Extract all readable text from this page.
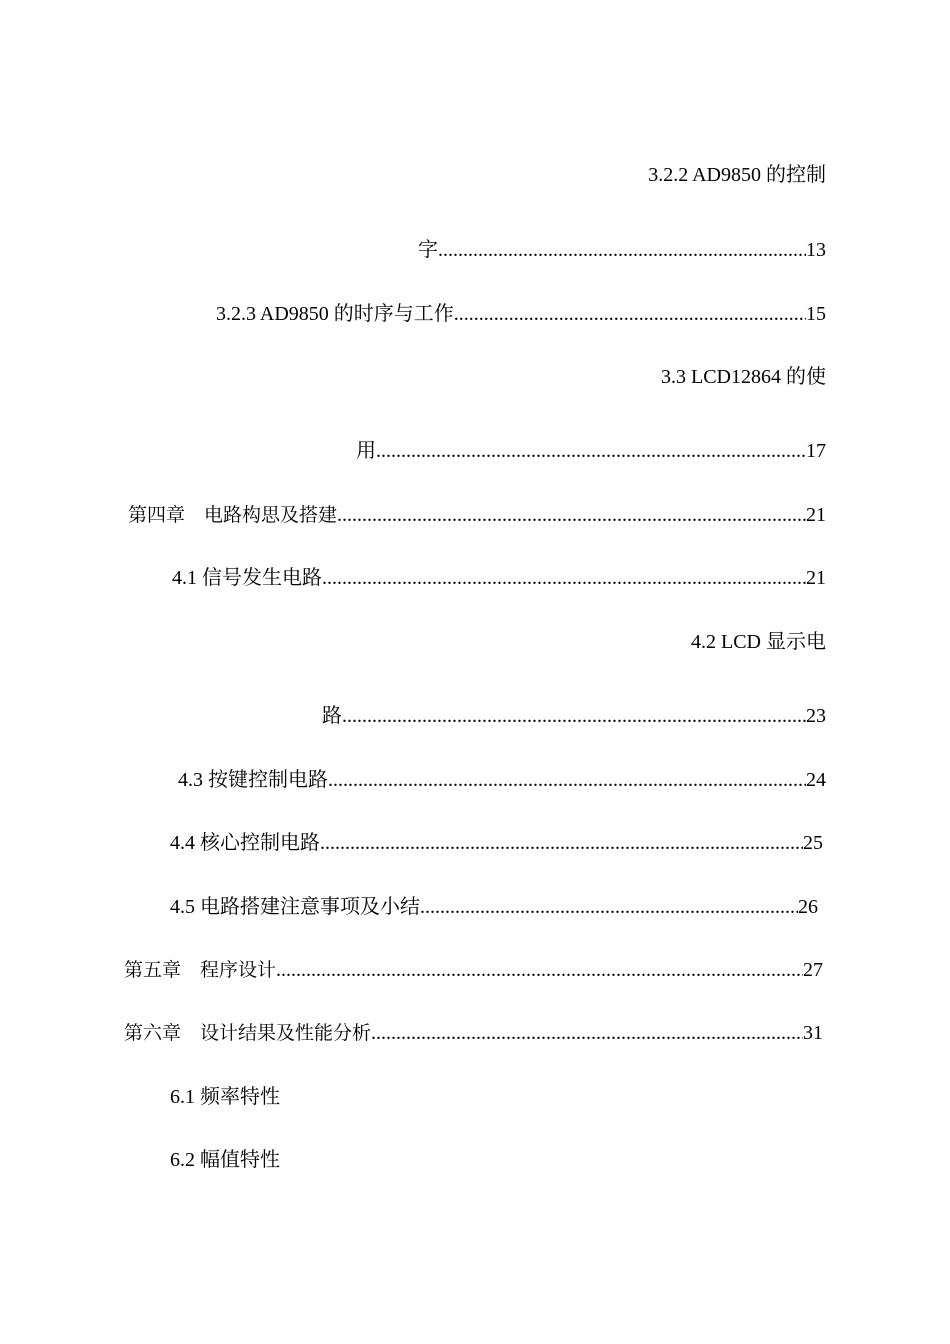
3.2.2 AD9850 的控制
字 .....	13
3.2.3 AD9850 的时序与工作 .....	15
3.3 LCD12864 的使
用 .....	17
第四章　电路构思及搭建 .....	21
4.1 信号发生电路 .....	21
4.2 LCD 显示电
路 .....	23
4.3 按键控制电路 .....	24
4.4 核心控制电路 .....	25
4.5 电路搭建注意事项及小结 .....	26
第五章　程序设计 .....	27
第六章　设计结果及性能分析 .....	31
6.1 频率特性
6.2 幅值特性
